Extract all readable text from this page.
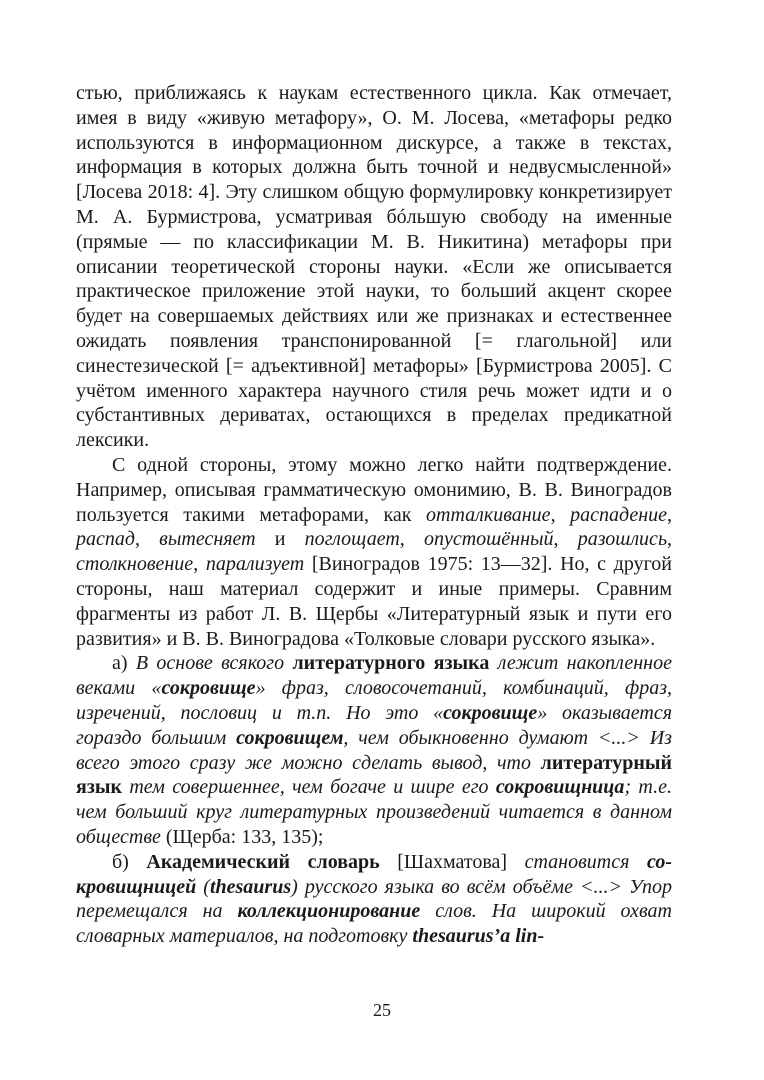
стью, приближаясь к наукам естественного цикла. Как отмечает, имея в виду «живую метафору», О. М. Лосева, «метафоры редко используются в информационном дискурсе, а также в текстах, информация в которых должна быть точной и недвусмысленной» [Лосева 2018: 4]. Эту слишком общую формулировку конкретизирует М. А. Бурмистрова, усматривая бóльшую свободу на именные (прямые — по классификации М. В. Никитина) метафоры при описании теоретической стороны науки. «Если же описывается практическое приложение этой науки, то больший акцент скорее будет на совершаемых действиях или же признаках и естественнее ожидать появления транспонированной [= глагольной] или синестезической [= адъективной] метафоры» [Бурмистрова 2005]. С учётом именного характера научного стиля речь может идти и о субстантивных дериватах, остающихся в пределах предикатной лексики.

С одной стороны, этому можно легко найти подтверждение. Например, описывая грамматическую омонимию, В. В. Виноградов пользуется такими метафорами, как отталкивание, распадение, распад, вытесняет и поглощает, опустошённый, разошлись, столкновение, парализует [Виноградов 1975: 13—32]. Но, с другой стороны, наш материал содержит и иные примеры. Сравним фрагменты из работ Л. В. Щербы «Литературный язык и пути его развития» и В. В. Виноградова «Толковые словари русского языка».

а) В основе всякого литературного языка лежит накопленное веками «сокровище» фраз, словосочетаний, комбинаций, фраз, изречений, пословиц и т.п. Но это «сокровище» оказывается гораздо большим сокровищем, чем обыкновенно думают <...> Из всего этого сразу же можно сделать вывод, что литературный язык тем совершеннее, чем богаче и шире его сокровищница; т.е. чем больший круг литературных произведений читается в данном обществе (Щерба: 133, 135);

б) Академический словарь [Шахматова] становится сокровищницей (thesaurus) русского языка во всём объёме <...> Упор перемещался на коллекционирование слов. На широкий охват словарных материалов, на подготовку thesaurus’a lin-

25
